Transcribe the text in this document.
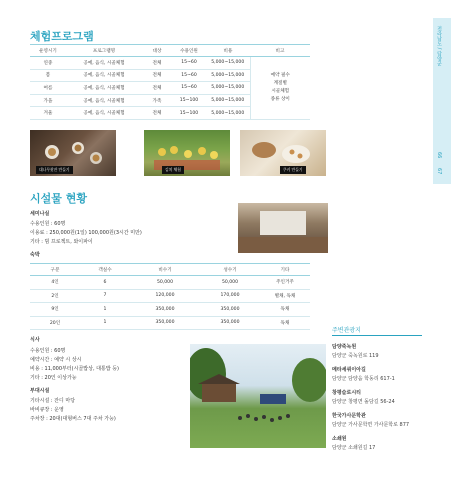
체험프로그램
운영시기	프로그램명	대상	수용인원	비용	비고
연중	공예, 음식, 시골체험	전체	15~60	5,000~15,000	예약 필수
계절별
시골체험
종류 상이

봄	공예, 음식, 시골체험	전체	15~60	5,000~15,000	
여름	공예, 음식, 시골체험	전체	15~60	5,000~15,000	
가을	공예, 음식, 시골체험	가족	15~100	5,000~15,000	
겨울	공예, 음식, 시골체험	전체	15~100	5,000~15,000	
대나무찻잔 만들기	김치 체험	쿠키 만들기
시설물 현황
세미나실
수용인원 : 60명
이용료 : 250,000원(1일) 100,000원(3시간 미만)
기타 : 빔 프로젝트, 와이파이
숙박
구분	객실수	비수기	성수기	기타
4인	6	50,000	50,000	주인거주
2인	7	120,000	170,000	별채, 독채
9인	1	350,000	350,000	독채
20인	1	350,000	350,000	독채
식사
수용인원 : 60명
예약시간 : 예약 시 상시
비용 : 11,000부터(시골밥상, 대통밥 등)
기타 : 20인 이상가능
부대시설
기타시설 : 잔디 마당
바비큐장 : 운영
주차장 : 20대(대형버스 7대 주차 가능)
주변관광지
담양죽녹원
담양군 죽녹원로 119
메타세쿼이아길
담양군 담양읍 학동리 617-1
창평슬로시티
담양군 창평면 돌담길 56-24
한국가사문학관
담양군 가사문학면 가사문학로 877
소쇄원
담양군 소쇄원길 17
전라남도 / 담양군
66
67
